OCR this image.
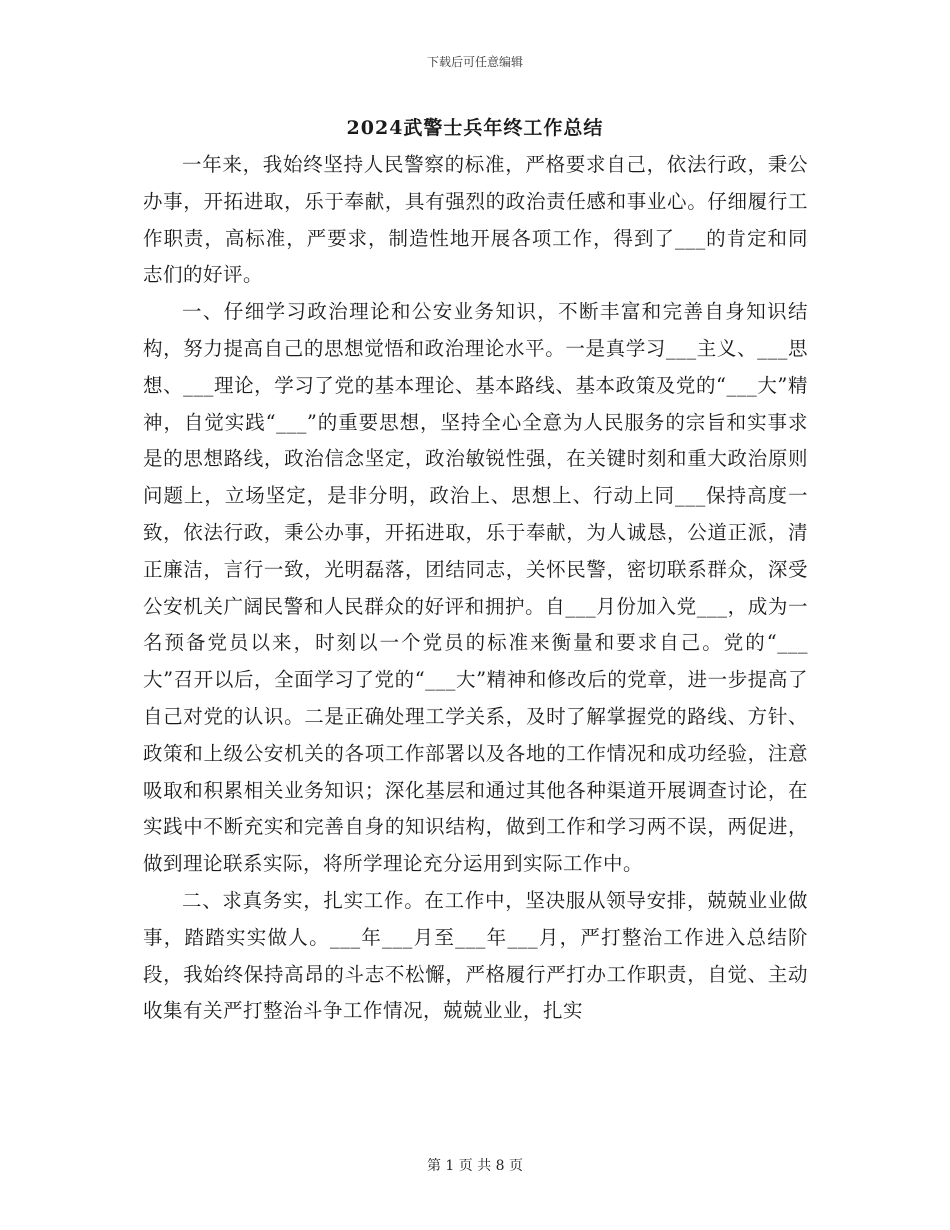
下载后可任意编辑
2024武警士兵年终工作总结

一年来，我始终坚持人民警察的标准，严格要求自己，依法行政，秉公办事，开拓进取，乐于奉献，具有强烈的政治责任感和事业心。仔细履行工作职责，高标准，严要求，制造性地开展各项工作，得到了___的肯定和同志们的好评。

一、仔细学习政治理论和公安业务知识，不断丰富和完善自身知识结构，努力提高自己的思想觉悟和政治理论水平。一是真学习___主义、___思想、___理论，学习了党的基本理论、基本路线、基本政策及党的“___大”精神，自觉实践“___”的重要思想，坚持全心全意为人民服务的宗旨和实事求是的思想路线，政治信念坚定，政治敏锐性强，在关键时刻和重大政治原则问题上，立场坚定，是非分明，政治上、思想上、行动上同___保持高度一致，依法行政，秉公办事，开拓进取，乐于奉献，为人诚恳，公道正派，清正廉洁，言行一致，光明磊落，团结同志，关怀民警，密切联系群众，深受公安机关广阔民警和人民群众的好评和拥护。自___月份加入党___，成为一名预备党员以来，时刻以一个党员的标准来衡量和要求自己。党的“___大”召开以后，全面学习了党的“___大”精神和修改后的党章，进一步提高了自己对党的认识。二是正确处理工学关系，及时了解掌握党的路线、方针、政策和上级公安机关的各项工作部署以及各地的工作情况和成功经验，注意吸取和积累相关业务知识；深化基层和通过其他各种渠道开展调查讨论，在实践中不断充实和完善自身的知识结构，做到工作和学习两不误，两促进，做到理论联系实际，将所学理论充分运用到实际工作中。

二、求真务实，扎实工作。在工作中，坚决服从领导安排，兢兢业业做事，踏踏实实做人。___年___月至___年___月，严打整治工作进入总结阶段，我始终保持高昂的斗志不松懈，严格履行严打办工作职责，自觉、主动收集有关严打整治斗争工作情况，兢兢业业，扎实

第 1 页 共 8 页
